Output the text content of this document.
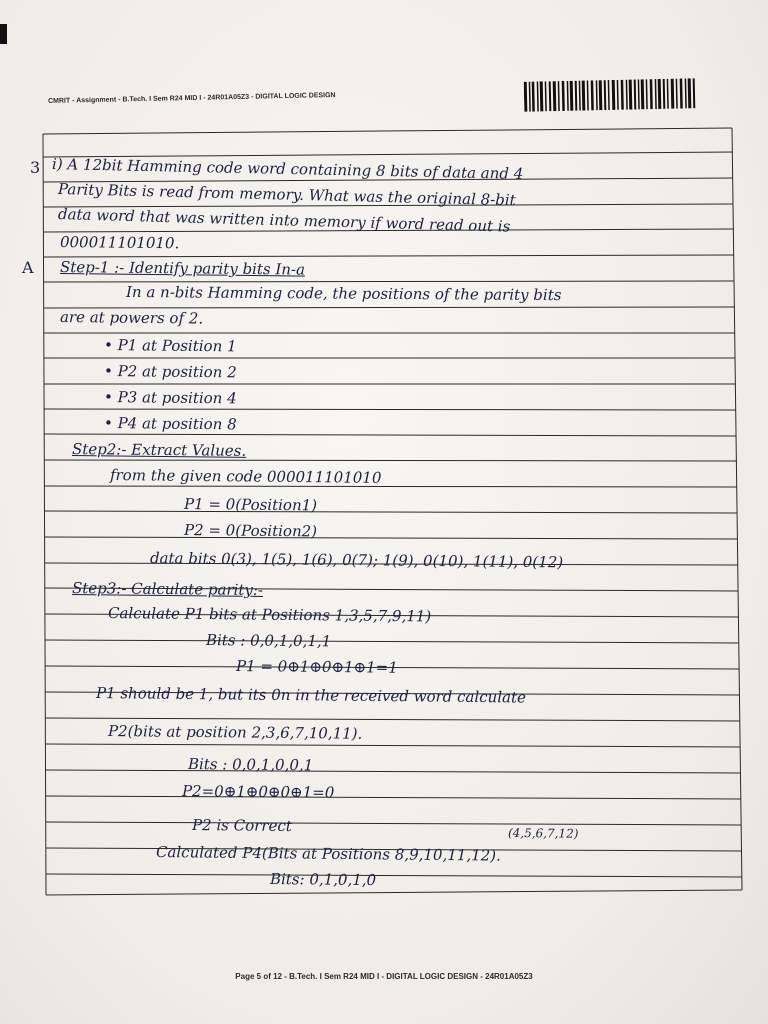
CMRIT - Assignment - B.Tech. I Sem R24 MID I - 24R01A05Z3 - DIGITAL LOGIC DESIGN
3
A
i) A 12bit Hamming code word containing 8 bits of data and 4
Parity Bits is read from memory. What was the original 8-bit
data word that was written into memory if word read out is
000011101010.
Step-1 :- Identify parity bits In-a
In a n-bits Hamming code, the positions of the parity bits
are at powers of 2.
• P1 at Position 1
• P2 at position 2
• P3 at position 4
• P4 at position 8
Step2:- Extract Values.
from the given code 000011101010
P1 = 0(Position1)
P2 = 0(Position2)
data bits 0(3), 1(5), 1(6), 0(7); 1(9), 0(10), 1(11), 0(12)
Step3:- Calculate parity:-
Calculate P1 bits at Positions 1,3,5,7,9,11)
Bits : 0,0,1,0,1,1
P1 = 0⊕1⊕0⊕1⊕1=1
P1 should be 1, but its 0n in the received word calculate
P2(bits at position 2,3,6,7,10,11).
Bits : 0,0,1,0,0,1
P2=0⊕1⊕0⊕0⊕1=0
P2 is Correct	(4,5,6,7,12)
Calculated P4(Bits at Positions 8,9,10,11,12).
Bits: 0,1,0,1,0
Page 5 of 12 - B.Tech. I Sem R24 MID I - DIGITAL LOGIC DESIGN - 24R01A05Z3
